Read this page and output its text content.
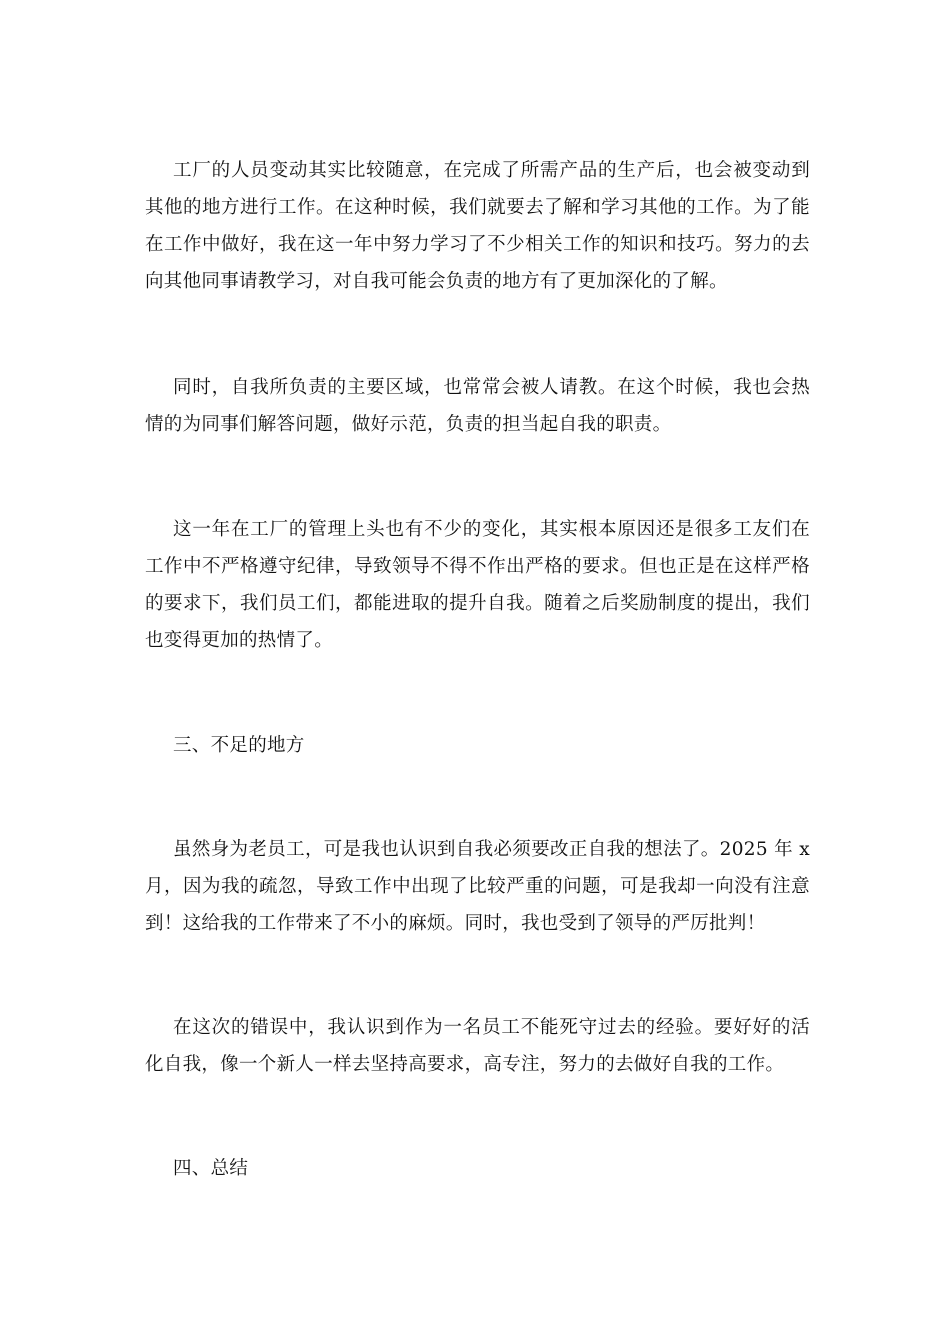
工厂的人员变动其实比较随意，在完成了所需产品的生产后，也会被变动到其他的地方进行工作。在这种时候，我们就要去了解和学习其他的工作。为了能在工作中做好，我在这一年中努力学习了不少相关工作的知识和技巧。努力的去向其他同事请教学习，对自我可能会负责的地方有了更加深化的了解。

同时，自我所负责的主要区域，也常常会被人请教。在这个时候，我也会热情的为同事们解答问题，做好示范，负责的担当起自我的职责。

这一年在工厂的管理上头也有不少的变化，其实根本原因还是很多工友们在工作中不严格遵守纪律，导致领导不得不作出严格的要求。但也正是在这样严格的要求下，我们员工们，都能进取的提升自我。随着之后奖励制度的提出，我们也变得更加的热情了。

三、不足的地方

虽然身为老员工，可是我也认识到自我必须要改正自我的想法了。2025 年 x 月，因为我的疏忽，导致工作中出现了比较严重的问题，可是我却一向没有注意到！这给我的工作带来了不小的麻烦。同时，我也受到了领导的严厉批判！

在这次的错误中，我认识到作为一名员工不能死守过去的经验。要好好的活化自我，像一个新人一样去坚持高要求，高专注，努力的去做好自我的工作。

四、总结
